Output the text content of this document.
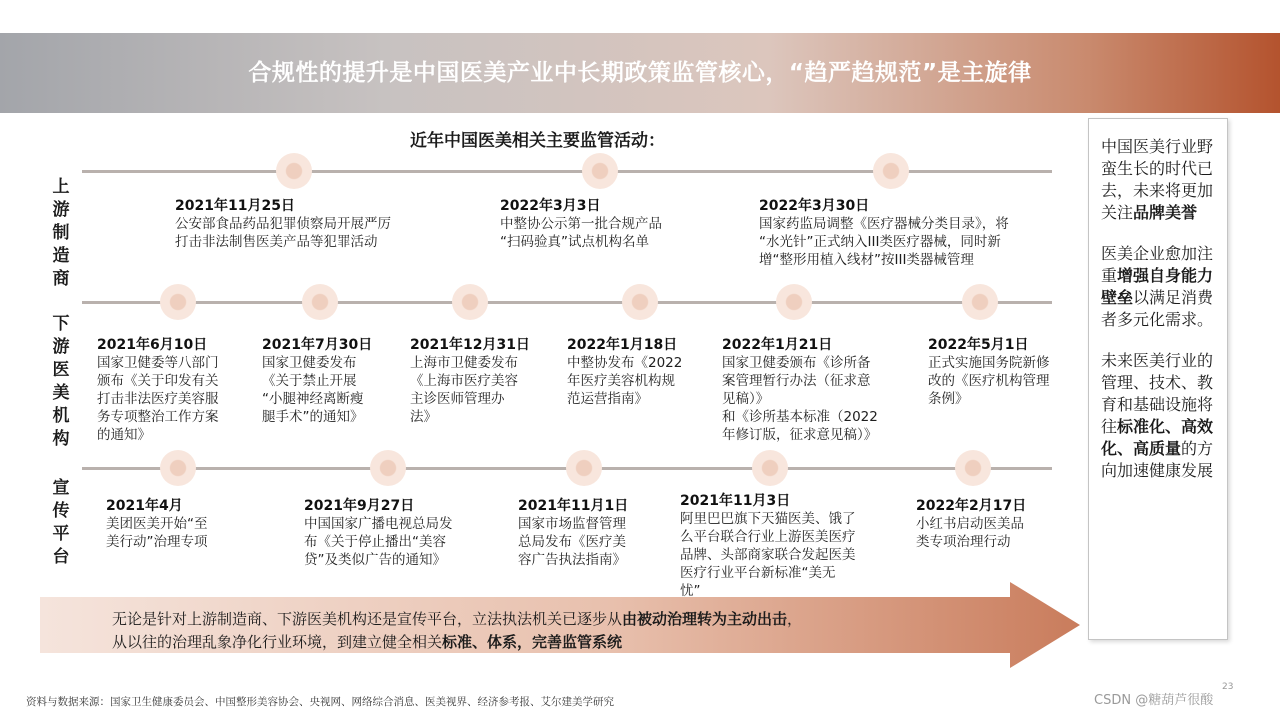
合规性的提升是中国医美产业中长期政策监管核心，“趋严趋规范”是主旋律
近年中国医美相关主要监管活动：
上
游
制
造
商
下
游
医
美
机
构
宣
传
平
台
2021年11月25日
公安部食品药品犯罪侦察局开展严厉
打击非法制售医美产品等犯罪活动
2022年3月3日
中整协公示第一批合规产品
“扫码验真”试点机构名单
2022年3月30日
国家药监局调整《医疗器械分类目录》，将
“水光针”正式纳入III类医疗器械，同时新
增“整形用植入线材”按III类器械管理
2021年6月10日
国家卫健委等八部门
颁布《关于印发有关
打击非法医疗美容服
务专项整治工作方案
的通知》
2021年7月30日
国家卫健委发布
《关于禁止开展
“小腿神经离断瘦
腿手术”的通知》
2021年12月31日
上海市卫健委发布
《上海市医疗美容
主诊医师管理办
法》
2022年1月18日
中整协发布《2022
年医疗美容机构规
范运营指南》
2022年1月21日
国家卫健委颁布《诊所备
案管理暂行办法（征求意
见稿）》
和《诊所基本标准（2022
年修订版，征求意见稿）》
2022年5月1日
正式实施国务院新修
改的《医疗机构管理
条例》
2021年4月
美团医美开始“至
美行动”治理专项
2021年9月27日
中国国家广播电视总局发
布《关于停止播出“美容
贷”及类似广告的通知》
2021年11月1日
国家市场监督管理
总局发布《医疗美
容广告执法指南》
2021年11月3日
阿里巴巴旗下天猫医美、饿了
么平台联合行业上游医美医疗
品牌、头部商家联合发起医美
医疗行业平台新标准“美无
忧”
2022年2月17日
小红书启动医美品
类专项治理行动
无论是针对上游制造商、下游医美机构还是宣传平台，立法执法机关已逐步从由被动治理转为主动出击，
从以往的治理乱象净化行业环境，到建立健全相关标准、体系，完善监管系统

中国医美行业野蛮生长的时代已去，未来将更加关注品牌美誉

医美企业愈加注重增强自身能力壁垒以满足消费者多元化需求。

未来医美行业的管理、技术、教育和基础设施将往标准化、高效化、高质量的方向加速健康发展

资料与数据来源：国家卫生健康委员会、中国整形美容协会、央视网、网络综合消息、医美视界、经济参考报、艾尔建美学研究
23
CSDN @糖葫芦很酸
